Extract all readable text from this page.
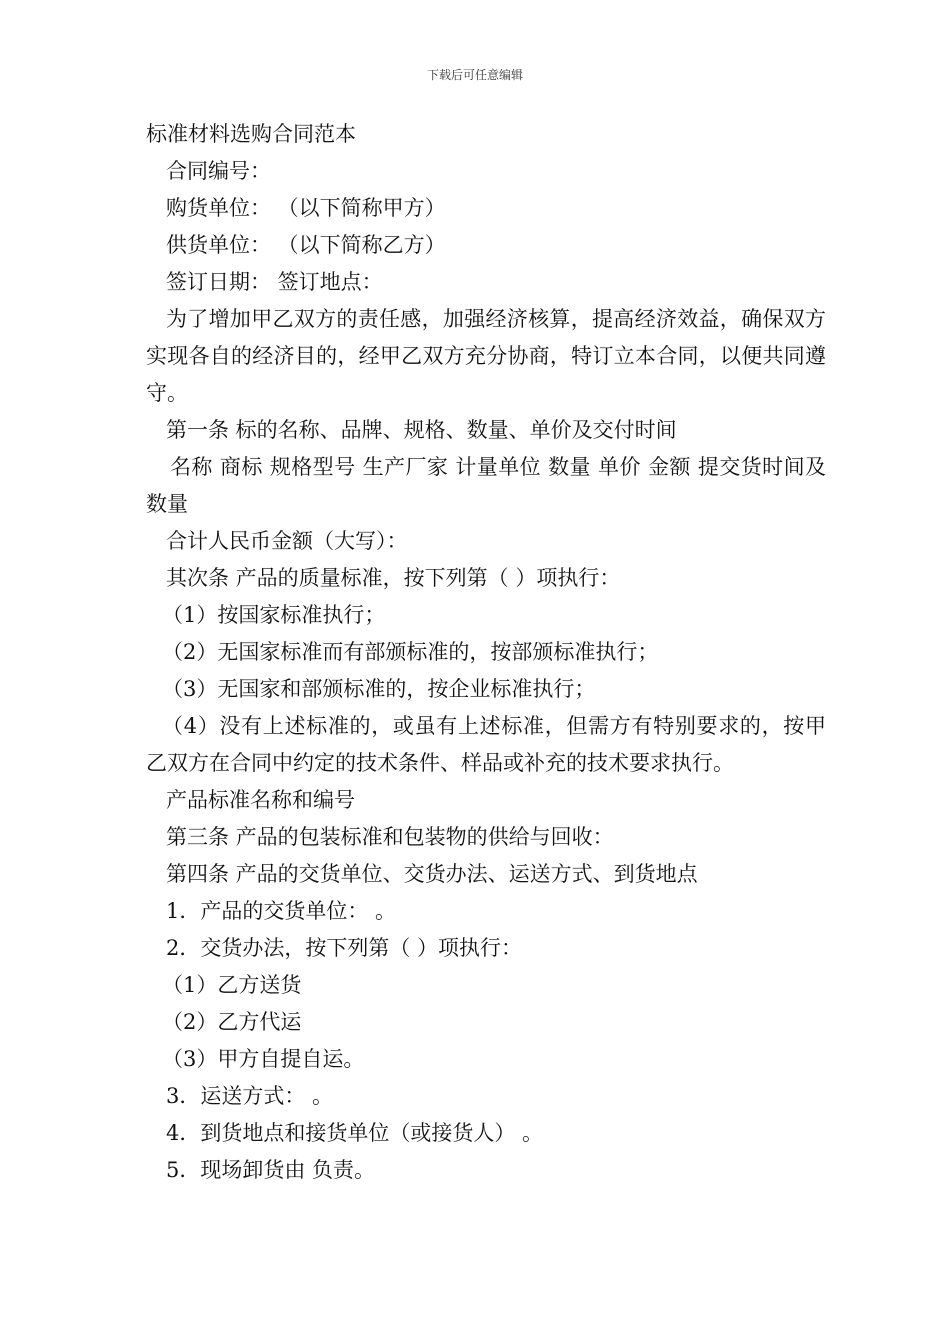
下载后可任意编辑
标准材料选购合同范本
合同编号：
购货单位： （以下简称甲方）
供货单位： （以下简称乙方）
签订日期： 签订地点：
为了增加甲乙双方的责任感，加强经济核算，提高经济效益，确保双方实现各自的经济目的，经甲乙双方充分协商，特订立本合同，以便共同遵守。
第一条 标的名称、品牌、规格、数量、单价及交付时间
名称 商标 规格型号 生产厂家 计量单位 数量 单价 金额 提交货时间及数量
合计人民币金额（大写）：
其次条 产品的质量标准，按下列第（ ）项执行：
（1）按国家标准执行；
（2）无国家标准而有部颁标准的，按部颁标准执行；
（3）无国家和部颁标准的，按企业标准执行；
（4）没有上述标准的，或虽有上述标准，但需方有特别要求的，按甲乙双方在合同中约定的技术条件、样品或补充的技术要求执行。
产品标准名称和编号
第三条 产品的包装标准和包装物的供给与回收：
第四条 产品的交货单位、交货办法、运送方式、到货地点
1．产品的交货单位： 。
2．交货办法，按下列第（ ）项执行：
（1）乙方送货
（2）乙方代运
（3）甲方自提自运。
3．运送方式： 。
4．到货地点和接货单位（或接货人） 。
5．现场卸货由 负责。
